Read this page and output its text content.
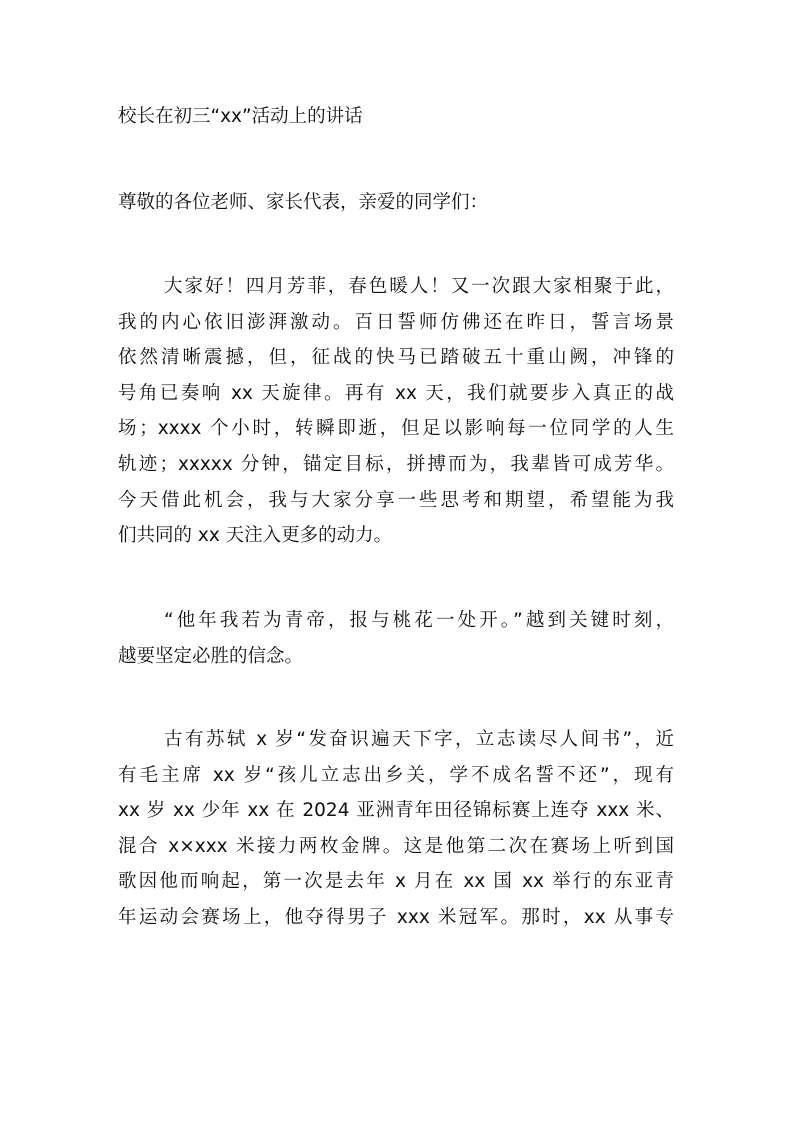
校长在初三“xx”活动上的讲话
尊敬的各位老师、家长代表，亲爱的同学们：
大家好！四月芳菲，春色暖人！又一次跟大家相聚于此，
我的内心依旧澎湃激动。百日誓师仿佛还在昨日，誓言场景
依然清晰震撼，但，征战的快马已踏破五十重山阙，冲锋的
号角已奏响 xx 天旋律。再有 xx 天，我们就要步入真正的战
场；xxxx 个小时，转瞬即逝，但足以影响每一位同学的人生
轨迹；xxxxx 分钟，锚定目标，拼搏而为，我辈皆可成芳华。
今天借此机会，我与大家分享一些思考和期望，希望能为我
们共同的 xx 天注入更多的动力。
“他年我若为青帝，报与桃花一处开。”越到关键时刻，
越要坚定必胜的信念。
古有苏轼 x 岁“发奋识遍天下字，立志读尽人间书”，近
有毛主席 xx 岁“孩儿立志出乡关，学不成名誓不还”，现有
xx 岁 xx 少年 xx 在 2024 亚洲青年田径锦标赛上连夺 xxx 米、
混合 x×xxx 米接力两枚金牌。这是他第二次在赛场上听到国
歌因他而响起，第一次是去年 x 月在 xx 国 xx 举行的东亚青
年运动会赛场上，他夺得男子 xxx 米冠军。那时，xx 从事专
